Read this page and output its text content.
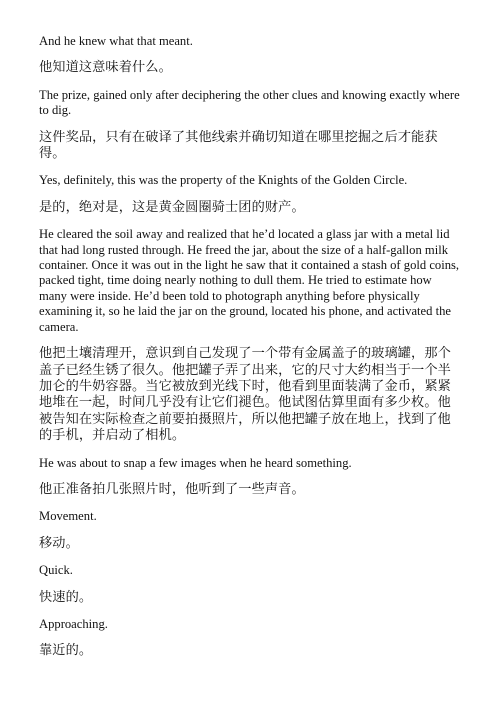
And he knew what that meant.

他知道这意味着什么。

The prize, gained only after deciphering the other clues and knowing exactly where to dig.

这件奖品，只有在破译了其他线索并确切知道在哪里挖掘之后才能获得。

Yes, definitely, this was the property of the Knights of the Golden Circle.

是的，绝对是，这是黄金圆圈骑士团的财产。

He cleared the soil away and realized that he’d located a glass jar with a metal lid that had long rusted through. He freed the jar, about the size of a half-gallon milk container. Once it was out in the light he saw that it contained a stash of gold coins, packed tight, time doing nearly nothing to dull them. He tried to estimate how many were inside. He’d been told to photograph anything before physically examining it, so he laid the jar on the ground, located his phone, and activated the camera.

他把土壤清理开，意识到自己发现了一个带有金属盖子的玻璃罐，那个盖子已经生锈了很久。他把罐子弄了出来，它的尺寸大约相当于一个半加仑的牛奶容器。当它被放到光线下时，他看到里面装满了金币，紧紧地堆在一起，时间几乎没有让它们褪色。他试图估算里面有多少枚。他被告知在实际检查之前要拍摄照片，所以他把罐子放在地上，找到了他的手机，并启动了相机。

He was about to snap a few images when he heard something.

他正准备拍几张照片时，他听到了一些声音。

Movement.

移动。

Quick.

快速的。

Approaching.

靠近的。
